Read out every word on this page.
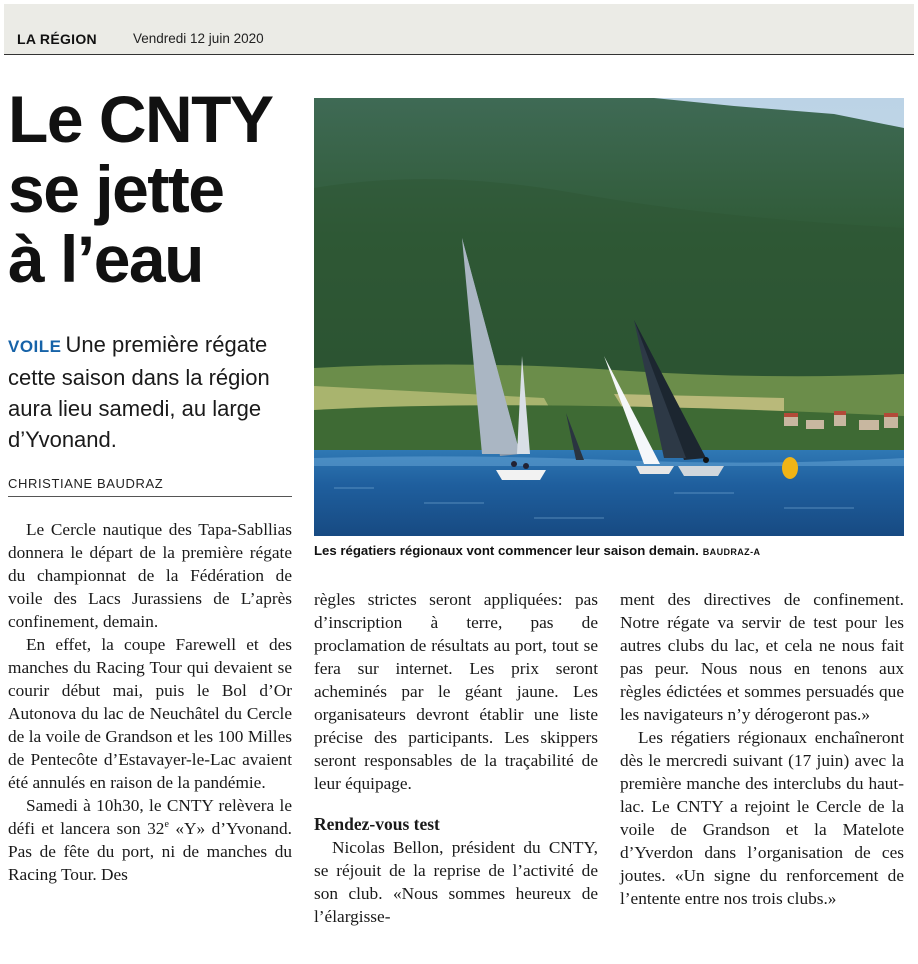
LA RÉGION	Vendredi 12 juin 2020
Le CNTY
se jette
à l’eau
VOILE Une première régate cette saison dans la région aura lieu samedi, au large d’Yvonand.
CHRISTIANE BAUDRAZ
Les régatiers régionaux vont commencer leur saison demain. BAUDRAZ-A

Le Cercle nautique des Tapa-Sabllias donnera le départ de la première régate du championnat de la Fédération de voile des Lacs Jurassiens de L’après confinement, demain.

En effet, la coupe Farewell et des manches du Racing Tour qui devaient se courir début mai, puis le Bol d’Or Autonova du lac de Neuchâtel du Cercle de la voile de Grandson et les 100 Milles de Pentecôte d’Estavayer-le-Lac avaient été annulés en raison de la pandémie.

Samedi à 10h30, le CNTY relèvera le défi et lancera son 32e «Y» d’Yvonand. Pas de fête du port, ni de manches du Racing Tour. Des

règles strictes seront appliquées: pas d’inscription à terre, pas de proclamation de résultats au port, tout se fera sur internet. Les prix seront acheminés par le géant jaune. Les organisateurs devront établir une liste précise des participants. Les skippers seront responsables de la traçabilité de leur équipage.

Rendez-vous test

Nicolas Bellon, président du CNTY, se réjouit de la reprise de l’activité de son club. «Nous sommes heureux de l’élargisse-

ment des directives de confinement. Notre régate va servir de test pour les autres clubs du lac, et cela ne nous fait pas peur. Nous nous en tenons aux règles édictées et sommes persuadés que les navigateurs n’y dérogeront pas.»

Les régatiers régionaux enchaîneront dès le mercredi suivant (17 juin) avec la première manche des interclubs du haut-lac. Le CNTY a rejoint le Cercle de la voile de Grandson et la Matelote d’Yverdon dans l’organisation de ces joutes. «Un signe du renforcement de l’entente entre nos trois clubs.»
